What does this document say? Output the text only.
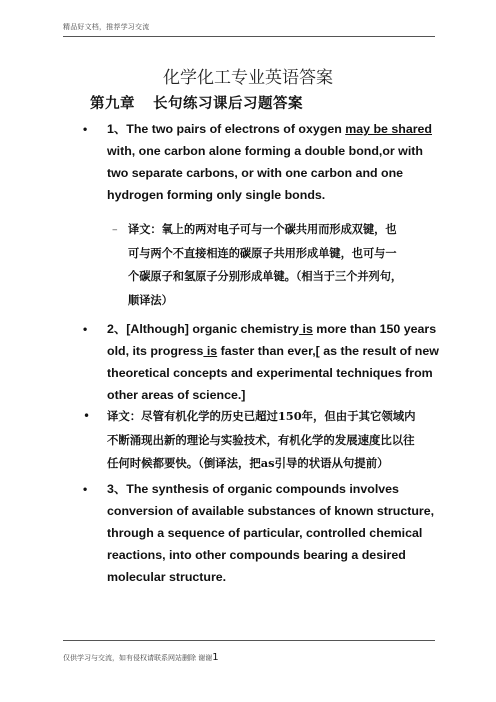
精品好文档，推荐学习交流
化学化工专业英语答案
第九章 长句练习课后习题答案
•	1、The two pairs of electrons of oxygen may be shared
with, one carbon alone forming a double bond,or with
two separate carbons, or with one carbon and one
hydrogen forming only single bonds.
– 译文：氧上的两对电子可与一个碳共用而形成双键，也
可与两个不直接相连的碳原子共用形成单键，也可与一
个碳原子和氢原子分别形成单键。（相当于三个并列句，
顺译法）
•	2、[Although] organic chemistry is more than 150 years
old, its progress is faster than ever,[ as the result of new
theoretical concepts and experimental techniques from
other areas of science.]
•	译文：尽管有机化学的历史已超过150年，但由于其它领域内
不断涌现出新的理论与实验技术，有机化学的发展速度比以往
任何时候都要快。（倒译法，把as引导的状语从句提前）
•	3、The synthesis of organic compounds involves
conversion of available substances of known structure,
through a sequence of particular, controlled chemical
reactions, into other compounds bearing a desired
molecular structure.
仅供学习与交流，如有侵权请联系网站删除 谢谢1
